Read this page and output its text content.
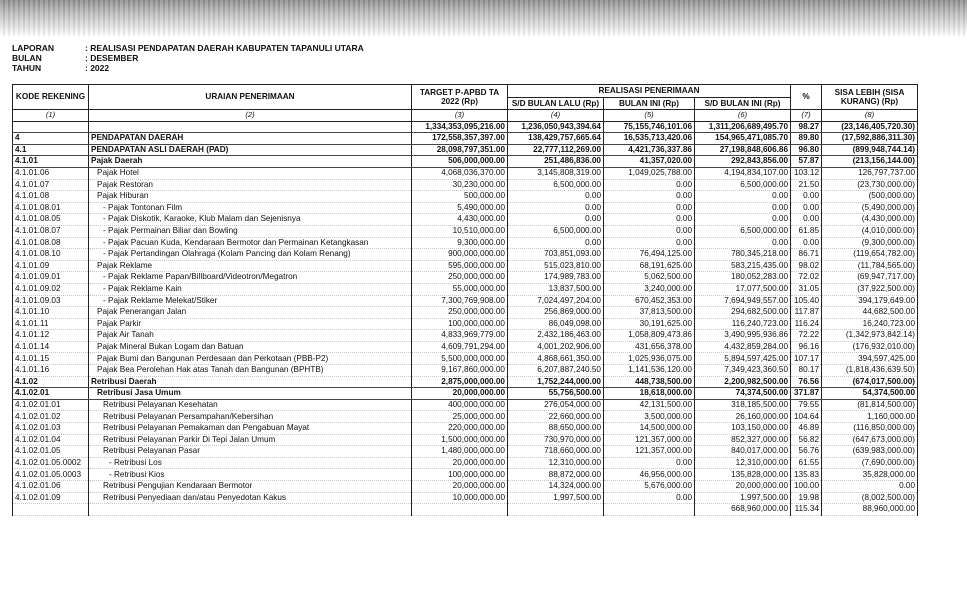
LAPORAN	: REALISASI PENDAPATAN DAERAH KABUPATEN TAPANULI UTARA
BULAN	: DESEMBER
TAHUN	: 2022
KODE REKENING	URAIAN PENERIMAAN	TARGET P-APBD TA 2022 (Rp)	REALISASI PENERIMAAN			%	SISA LEBIH (SISA KURANG) (Rp)
			S/D BULAN LALU (Rp)	BULAN INI (Rp)	S/D BULAN INI (Rp)		
(1)	(2)	(3)	(4)	(5)	(6)	(7)	(8)
		1,334,353,095,216.00	1,236,050,943,394.64	75,155,746,101.06	1,311,206,689,495.70	98.27	(23,146,405,720.30)
4	PENDAPATAN DAERAH	172,558,357,397.00	138,429,757,665.64	16,535,713,420.06	154,965,471,085.70	89.80	(17,592,886,311.30)
4.1	PENDAPATAN ASLI DAERAH (PAD)	28,098,797,351.00	22,777,112,269.00	4,421,736,337.86	27,198,848,606.86	96.80	(899,948,744.14)
4.1.01	Pajak Daerah	506,000,000.00	251,486,836.00	41,357,020.00	292,843,856.00	57.87	(213,156,144.00)
4.1.01.06	Pajak Hotel	4,068,036,370.00	3,145,808,319.00	1,049,025,788.00	4,194,834,107.00	103.12	126,797,737.00
4.1.01.07	Pajak Restoran	30,230,000.00	6,500,000.00	0.00	6,500,000.00	21.50	(23,730,000.00)
4.1.01.08	Pajak Hiburan	500,000.00	0.00	0.00	0.00	0.00	(500,000.00)
4.1.01.08.01	- Pajak Tontonan Film	5,490,000.00	0.00	0.00	0.00	0.00	(5,490,000.00)
4.1.01.08.05	- Pajak Diskotik, Karaoke, Klub Malam dan Sejenisnya	4,430,000.00	0.00	0.00	0.00	0.00	(4,430,000.00)
4.1.01.08.07	- Pajak Permainan Biliar dan Bowling	10,510,000.00	6,500,000.00	0.00	6,500,000.00	61.85	(4,010,000.00)
4.1.01.08.08	- Pajak Pacuan Kuda, Kendaraan Bermotor dan Permainan Ketangkasan	9,300,000.00	0.00	0.00	0.00	0.00	(9,300,000.00)
4.1.01.08.10	- Pajak Pertandingan Olahraga (Kolam Pancing dan Kolam Renang)	900,000,000.00	703,851,093.00	76,494,125.00	780,345,218.00	86.71	(119,654,782.00)
4.1.01.09	Pajak Reklame	595,000,000.00	515,023,810.00	68,191,625.00	583,215,435.00	98.02	(11,784,565.00)
4.1.01.09.01	- Pajak Reklame Papan/Billboard/Videotron/Megatron	250,000,000.00	174,989,783.00	5,062,500.00	180,052,283.00	72.02	(69,947,717.00)
4.1.01.09.02	- Pajak Reklame Kain	55,000,000.00	13,837,500.00	3,240,000.00	17,077,500.00	31.05	(37,922,500.00)
4.1.01.09.03	- Pajak Reklame Melekat/Stiker	7,300,769,908.00	7,024,497,204.00	670,452,353.00	7,694,949,557.00	105.40	394,179,649.00
4.1.01.10	Pajak Penerangan Jalan	250,000,000.00	256,869,000.00	37,813,500.00	294,682,500.00	117.87	44,682,500.00
4.1.01.11	Pajak Parkir	100,000,000.00	86,049,098.00	30,191,625.00	116,240,723.00	116.24	16,240,723.00
4.1.01.12	Pajak Air Tanah	4,833,969,779.00	2,432,186,463.00	1,058,809,473.86	3,490,995,936.86	72.22	(1,342,973,842.14)
4.1.01.14	Pajak Mineral Bukan Logam dan Batuan	4,609,791,294.00	4,001,202,906.00	431,656,378.00	4,432,859,284.00	96.16	(176,932,010.00)
4.1.01.15	Pajak Bumi dan Bangunan Perdesaan dan Perkotaan (PBB-P2)	5,500,000,000.00	4,868,661,350.00	1,025,936,075.00	5,894,597,425.00	107.17	394,597,425.00
4.1.01.16	Pajak Bea Perolehan Hak atas Tanah dan Bangunan (BPHTB)	9,167,860,000.00	6,207,887,240.50	1,141,536,120.00	7,349,423,360.50	80.17	(1,818,436,639.50)
4.1.02	Retribusi Daerah	2,875,000,000.00	1,752,244,000.00	448,738,500.00	2,200,982,500.00	76.56	(674,017,500.00)
4.1.02.01	Retribusi Jasa Umum	20,000,000.00	55,756,500.00	18,618,000.00	74,374,500.00	371.87	54,374,500.00
4.1.02.01.01	Retribusi Pelayanan Kesehatan	400,000,000.00	276,054,000.00	42,131,500.00	318,185,500.00	79.55	(81,814,500.00)
4.1.02.01.02	Retribusi Pelayanan Persampahan/Kebersihan	25,000,000.00	22,660,000.00	3,500,000.00	26,160,000.00	104.64	1,160,000.00
4.1.02.01.03	Retribusi Pelayanan Pemakaman dan Pengabuan Mayat	220,000,000.00	88,650,000.00	14,500,000.00	103,150,000.00	46.89	(116,850,000.00)
4.1.02.01.04	Retribusi Pelayanan Parkir Di Tepi Jalan Umum	1,500,000,000.00	730,970,000.00	121,357,000.00	852,327,000.00	56.82	(647,673,000.00)
4.1.02.01.05	Retribusi Pelayanan Pasar	1,480,000,000.00	718,660,000.00	121,357,000.00	840,017,000.00	56.76	(639,983,000.00)
4.1.02.01.05.0002	- Retribusi Los	20,000,000.00	12,310,000.00	0.00	12,310,000.00	61.55	(7,690,000.00)
4.1.02.01.05.0003	- Retribusi Kios	100,000,000.00	88,872,000.00	46,956,000.00	135,828,000.00	135.83	35,828,000.00
4.1.02.01.06	Retribusi Pengujian Kendaraan Bermotor	20,000,000.00	14,324,000.00	5,676,000.00	20,000,000.00	100.00	0.00
4.1.02.01.09	Retribusi Penyediaan dan/atau Penyedotan Kakus	10,000,000.00	1,997,500.00	0.00	1,997,500.00	19.98	(8,002,500.00)
					668,960,000.00	115.34	88,960,000.00
